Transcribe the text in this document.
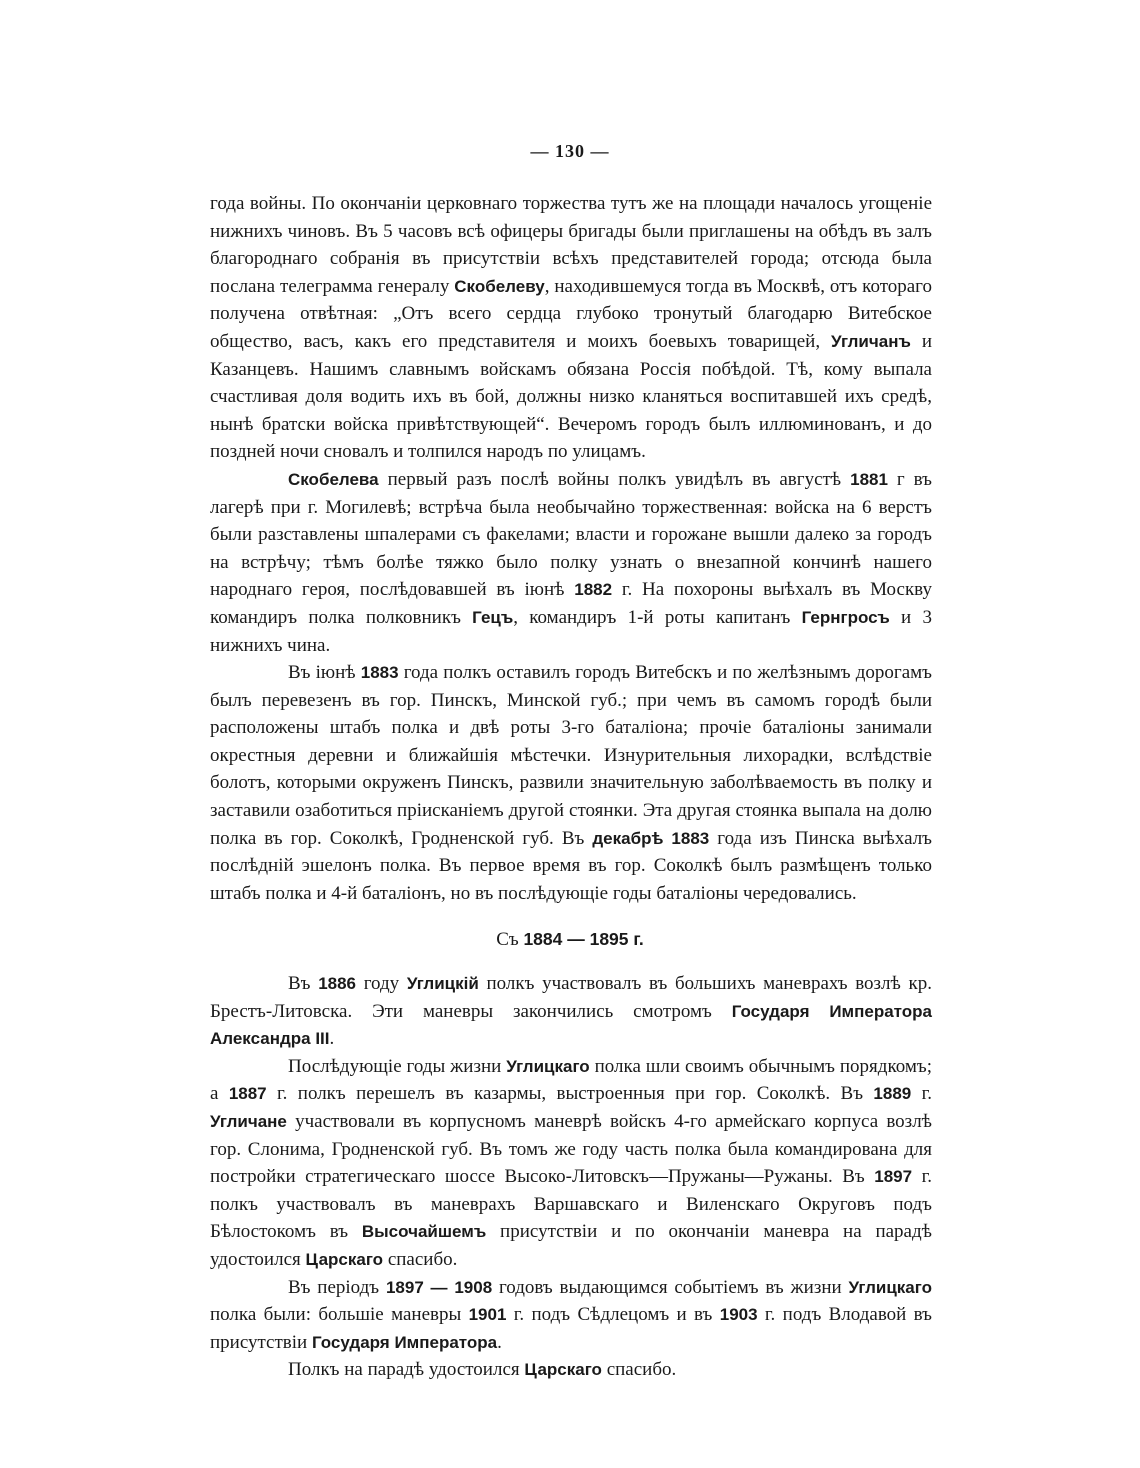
— 130 —

года войны. По окончаніи церковнаго торжества тутъ же на площади началось угощеніе нижнихъ чиновъ. Въ 5 часовъ всѣ офицеры бригады были приглашены на обѣдъ въ залъ благороднаго собранія въ присутствіи всѣхъ представителей города; отсюда была послана телеграмма генералу Скобелеву, находившемуся тогда въ Москвѣ, отъ котораго получена отвѣтная: „Отъ всего сердца глубоко тронутый благодарю Витебское общество, васъ, какъ его представителя и моихъ боевыхъ товарищей, Угличанъ и Казанцевъ. Нашимъ славнымъ войскамъ обязана Россія побѣдой. Тѣ, кому выпала счастливая доля водить ихъ въ бой, должны низко кланяться воспитавшей ихъ средѣ, нынѣ братски войска привѣтствующей“. Вечеромъ городъ былъ иллюминованъ, и до поздней ночи сновалъ и толпился народъ по улицамъ.

Скобелева первый разъ послѣ войны полкъ увидѣлъ въ августѣ 1881 г въ лагерѣ при г. Могилевѣ; встрѣча была необычайно торжественная: войска на 6 верстъ были разставлены шпалерами съ факелами; власти и горожане вышли далеко за городъ на встрѣчу; тѣмъ болѣе тяжко было полку узнать о внезапной кончинѣ нашего народнаго героя, послѣдовавшей въ іюнѣ 1882 г. На похороны выѣхалъ въ Москву командиръ полка полковникъ Гецъ, командиръ 1-й роты капитанъ Гернгросъ и 3 нижнихъ чина.

Въ іюнѣ 1883 года полкъ оставилъ городъ Витебскъ и по желѣзнымъ дорогамъ былъ перевезенъ въ гор. Пинскъ, Минской губ.; при чемъ въ самомъ городѣ были расположены штабъ полка и двѣ роты 3-го баталіона; прочіе баталіоны занимали окрестныя деревни и ближайшія мѣстечки. Изнурительныя лихорадки, вслѣдствіе болотъ, которыми окруженъ Пинскъ, развили значительную заболѣваемость въ полку и заставили озаботиться пріисканіемъ другой стоянки. Эта другая стоянка выпала на долю полка въ гор. Соколкѣ, Гродненской губ. Въ декабрѣ 1883 года изъ Пинска выѣхалъ послѣдній эшелонъ полка. Въ первое время въ гор. Соколкѣ былъ размѣщенъ только штабъ полка и 4-й баталіонъ, но въ послѣдующіе годы баталіоны чередовались.

Съ 1884 — 1895 г.

Въ 1886 году Углицкій полкъ участвовалъ въ большихъ маневрахъ возлѣ кр. Брестъ-Литовска. Эти маневры закончились смотромъ Государя Императора Александра III.

Послѣдующіе годы жизни Углицкаго полка шли своимъ обычнымъ порядкомъ; а 1887 г. полкъ перешелъ въ казармы, выстроенныя при гор. Соколкѣ. Въ 1889 г. Угличане участвовали въ корпусномъ маневрѣ войскъ 4-го армейскаго корпуса возлѣ гор. Слонима, Гродненской губ. Въ томъ же году часть полка была командирована для постройки стратегическаго шоссе Высоко-Литовскъ—Пружаны—Ружаны. Въ 1897 г. полкъ участвовалъ въ маневрахъ Варшавскаго и Виленскаго Округовъ подъ Бѣлостокомъ въ Высочайшемъ присутствіи и по окончаніи маневра на парадѣ удостоился Царскаго спасибо.

Въ періодъ 1897 — 1908 годовъ выдающимся событіемъ въ жизни Углицкаго полка были: большіе маневры 1901 г. подъ Сѣдлецомъ и въ 1903 г. подъ Влодавой въ присутствіи Государя Императора.

Полкъ на парадѣ удостоился Царскаго спасибо.
